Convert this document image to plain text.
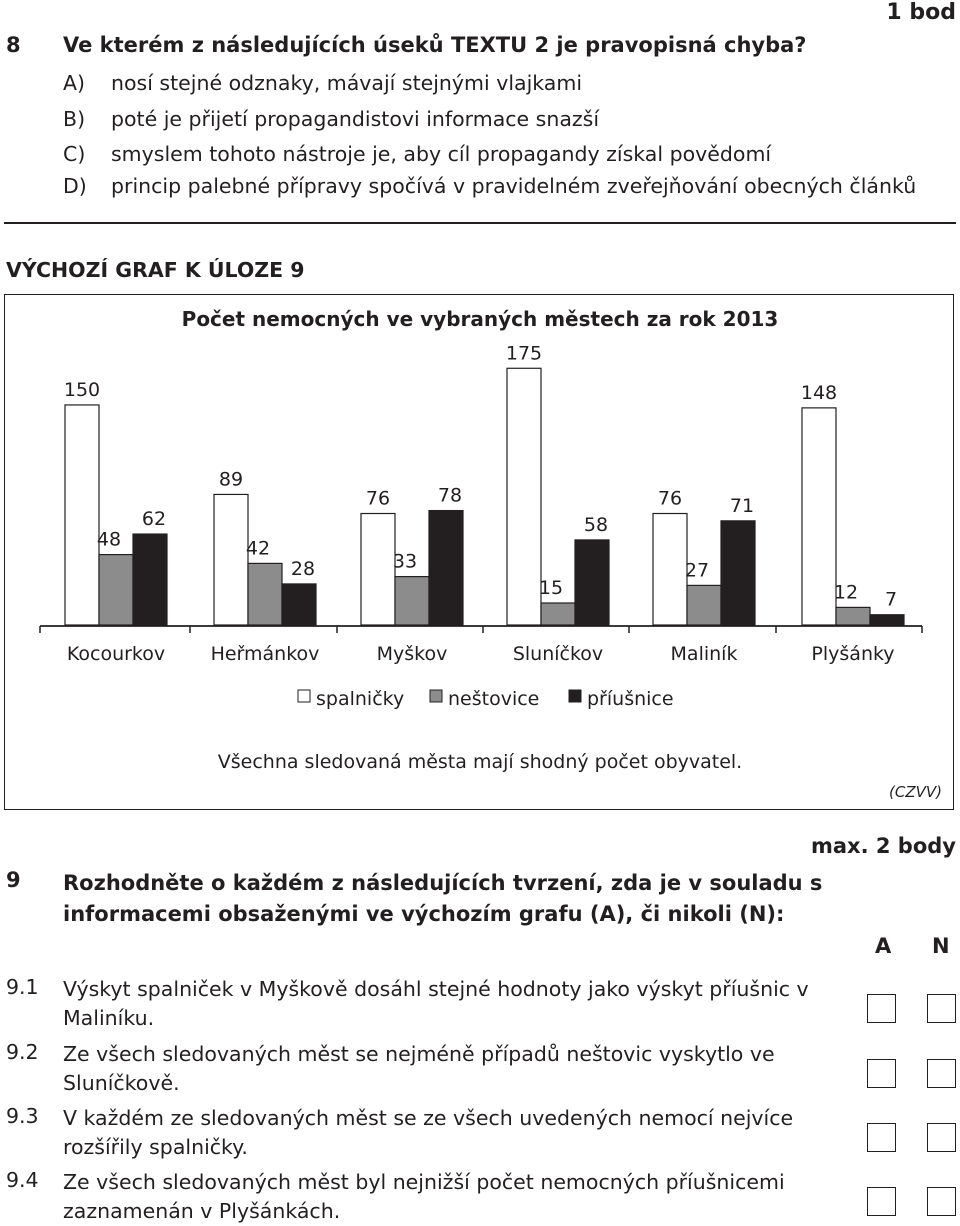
1 bod
8 Ve kterém z následujících úseků TEXTU 2 je pravopisná chyba?
A) nosí stejné odznaky, mávají stejnými vlajkami
B) poté je přijetí propagandistovi informace snazší
C) smyslem tohoto nástroje je, aby cíl propagandy získal povědomí
D) princip palebné přípravy spočívá v pravidelném zveřejňování obecných článků
VÝCHOZÍ GRAF K ÚLOZE 9
Počet nemocných ve vybraných městech za rok 2013
150
48
62
Kocourkov
89
42
28
Heřmánkov
76
33
78
Myškov
175
15
58
Sluníčkov
76
27
71
Maliník
148
12 7
Plyšánky
spalničky neštovice	příušnice
Všechna sledovaná města mají shodný počet obyvatel.
(CZVV)
max. 2 body
9 Rozhodněte o každém z následujících tvrzení, zda je v souladu s informacemi obsaženými ve výchozím grafu (A), či nikoli (N):
A N
9.1 Výskyt spalniček v Myškově dosáhl stejné hodnoty jako výskyt příušnic v Maliníku.
9.2 Ze všech sledovaných měst se nejméně případů neštovic vyskytlo ve Sluníčkově.
9.3 V každém ze sledovaných měst se ze všech uvedených nemocí nejvíce rozšířily spalničky.
9.4 Ze všech sledovaných měst byl nejnižší počet nemocných příušnicemi zaznamenán v Plyšánkách.
